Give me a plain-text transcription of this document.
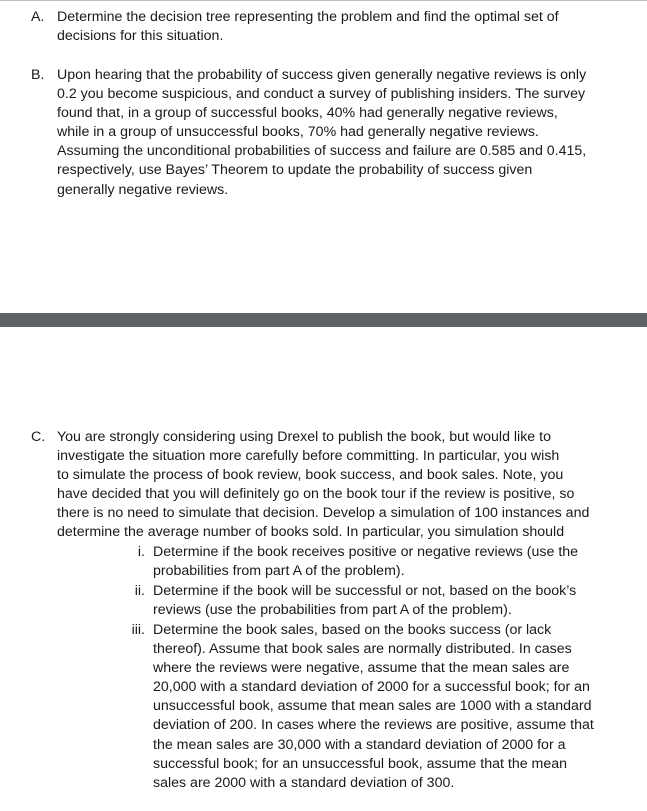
A. Determine the decision tree representing the problem and find the optimal set of
decisions for this situation.
B. Upon hearing that the probability of success given generally negative reviews is only
0.2 you become suspicious, and conduct a survey of publishing insiders. The survey
found that, in a group of successful books, 40% had generally negative reviews,
while in a group of unsuccessful books, 70% had generally negative reviews.
Assuming the unconditional probabilities of success and failure are 0.585 and 0.415,
respectively, use Bayes’ Theorem to update the probability of success given
generally negative reviews.
C. You are strongly considering using Drexel to publish the book, but would like to
investigate the situation more carefully before committing. In particular, you wish
to simulate the process of book review, book success, and book sales. Note, you
have decided that you will definitely go on the book tour if the review is positive, so
there is no need to simulate that decision. Develop a simulation of 100 instances and
determine the average number of books sold. In particular, you simulation should
i. Determine if the book receives positive or negative reviews (use the
probabilities from part A of the problem).
ii. Determine if the book will be successful or not, based on the book’s
reviews (use the probabilities from part A of the problem).
iii. Determine the book sales, based on the books success (or lack
thereof). Assume that book sales are normally distributed. In cases
where the reviews were negative, assume that the mean sales are
20,000 with a standard deviation of 2000 for a successful book; for an
unsuccessful book, assume that mean sales are 1000 with a standard
deviation of 200. In cases where the reviews are positive, assume that
the mean sales are 30,000 with a standard deviation of 2000 for a
successful book; for an unsuccessful book, assume that the mean
sales are 2000 with a standard deviation of 300.
